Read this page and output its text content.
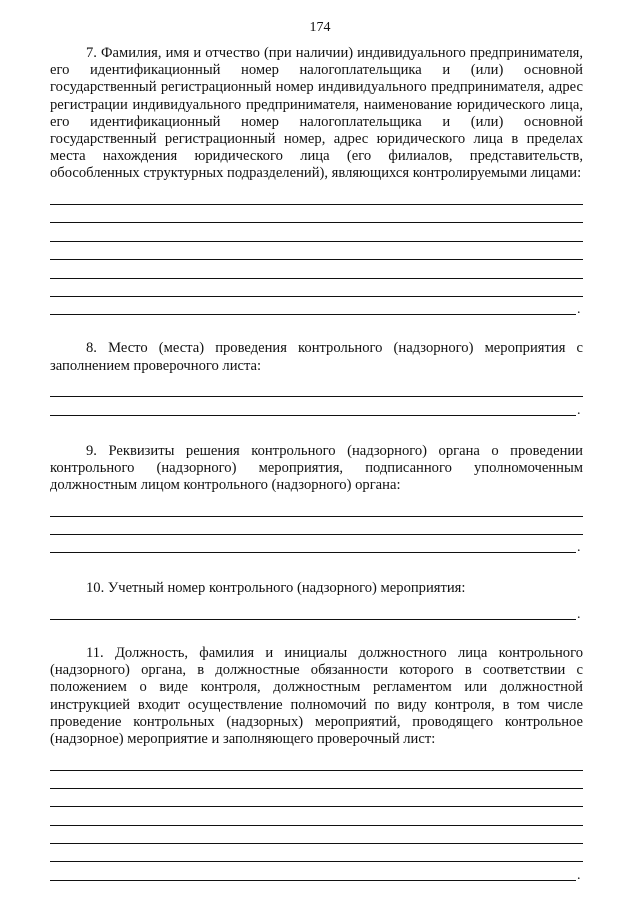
174

7. Фамилия, имя и отчество (при наличии) индивидуального предпринимателя, его идентификационный номер налогоплательщика и (или) основной государственный регистрационный номер индивидуального предпринимателя, адрес регистрации индивидуального предпринимателя, наименование юридического лица, его идентификационный номер налогоплательщика и (или) основной государственный регистрационный номер, адрес юридического лица в пределах места нахождения юридического лица (его филиалов, представительств, обособленных структурных подразделений), являющихся контролируемыми лицами:

.

8. Место (места) проведения контрольного (надзорного) мероприятия с заполнением проверочного листа:

.

9. Реквизиты решения контрольного (надзорного) органа о проведении контрольного (надзорного) мероприятия, подписанного уполномоченным должностным лицом контрольного (надзорного) органа:

.

10. Учетный номер контрольного (надзорного) мероприятия:

.

11. Должность, фамилия и инициалы должностного лица контрольного (надзорного) органа, в должностные обязанности которого в соответствии с положением о виде контроля, должностным регламентом или должностной инструкцией входит осуществление полномочий по виду контроля, в том числе проведение контрольных (надзорных) мероприятий, проводящего контрольное (надзорное) мероприятие и заполняющего проверочный лист:

.
